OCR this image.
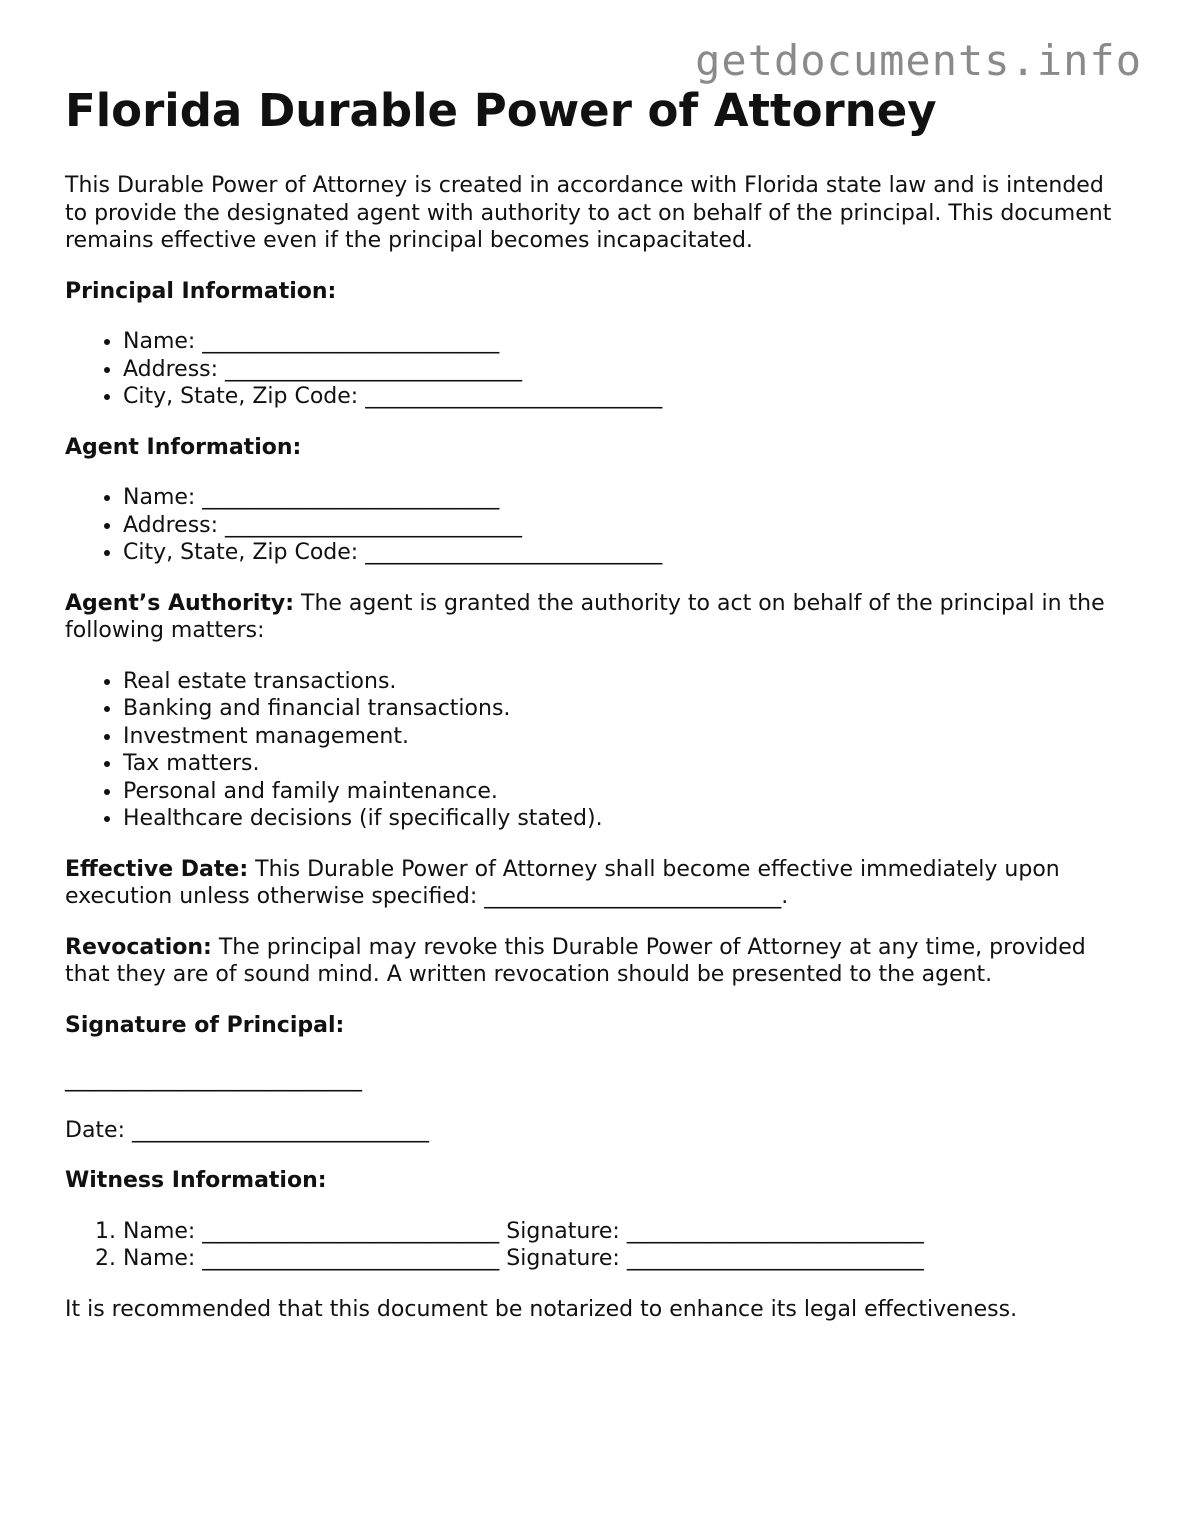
getdocuments.info
Florida Durable Power of Attorney

This Durable Power of Attorney is created in accordance with Florida state law and is intended to provide the designated agent with authority to act on behalf of the principal. This document remains effective even if the principal becomes incapacitated.

Principal Information:
• Name: ___________________________
• Address: ___________________________
• City, State, Zip Code: ___________________________
Agent Information:
• Name: ___________________________
• Address: ___________________________
• City, State, Zip Code: ___________________________

Agent’s Authority: The agent is granted the authority to act on behalf of the principal in the following matters:

• Real estate transactions.
• Banking and financial transactions.
• Investment management.
• Tax matters.
• Personal and family maintenance.
• Healthcare decisions (if specifically stated).

Effective Date: This Durable Power of Attorney shall become effective immediately upon execution unless otherwise specified: ___________________________.

Revocation: The principal may revoke this Durable Power of Attorney at any time, provided that they are of sound mind. A written revocation should be presented to the agent.

Signature of Principal:
___________________________
Date: ___________________________
Witness Information:
1. Name: ___________________________ Signature: ___________________________
2. Name: ___________________________ Signature: ___________________________

It is recommended that this document be notarized to enhance its legal effectiveness.
